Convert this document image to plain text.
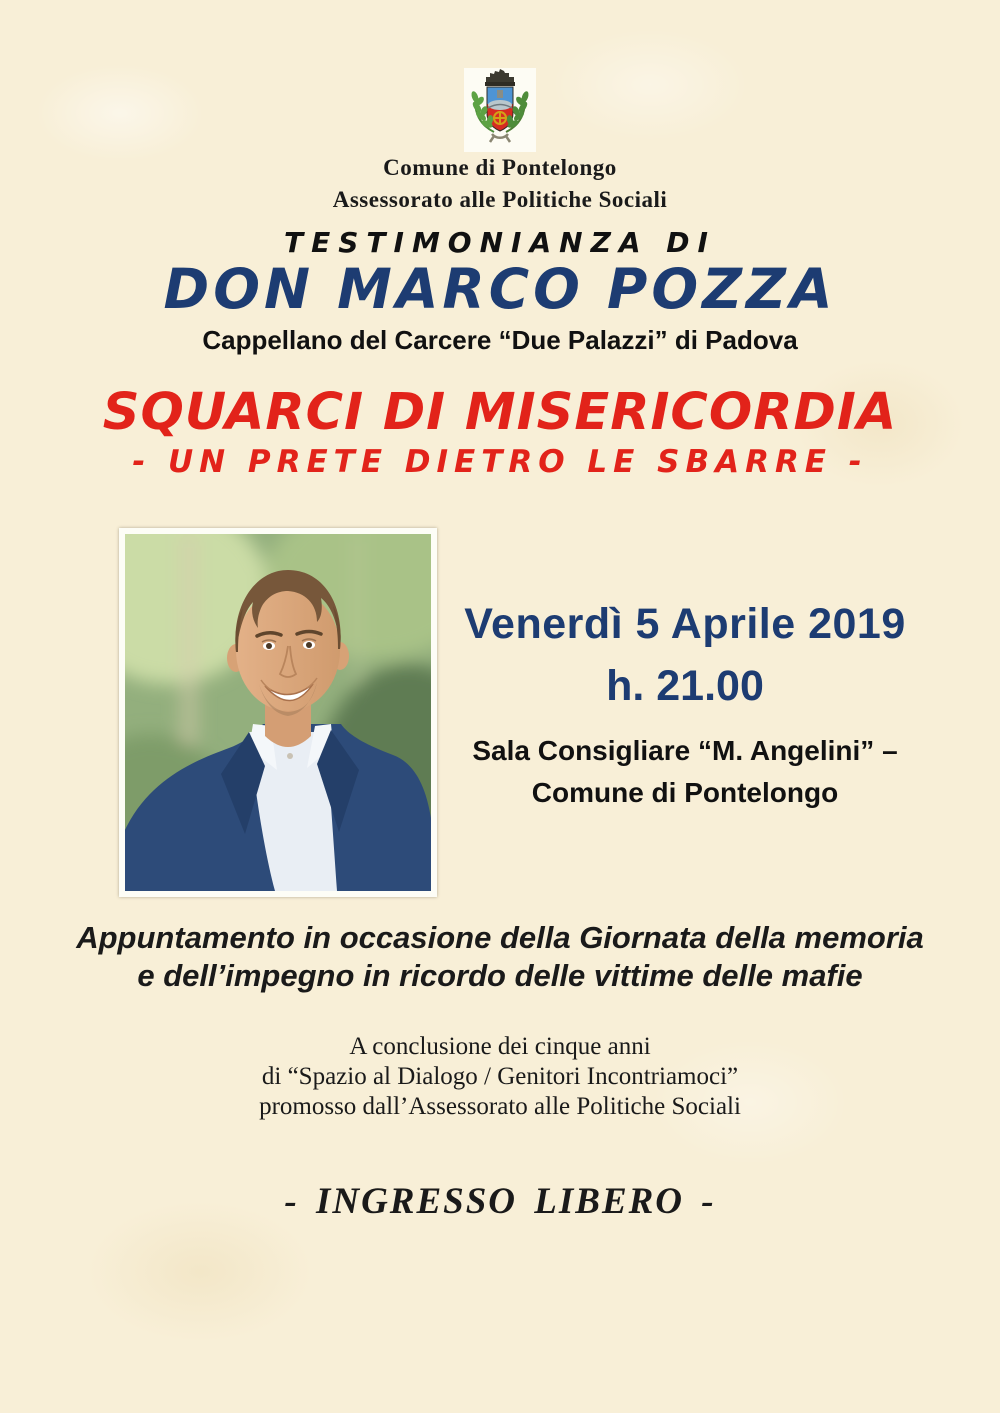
Comune di Pontelongo
Assessorato alle Politiche Sociali
TESTIMONIANZA DI
DON MARCO POZZA
Cappellano del Carcere “Due Palazzi” di Padova
SQUARCI DI MISERICORDIA
- UN PRETE DIETRO LE SBARRE -
Venerdì 5 Aprile 2019
h. 21.00
Sala Consigliare “M. Angelini” –
Comune di Pontelongo
Appuntamento in occasione della Giornata della memoria
e dell’impegno in ricordo delle vittime delle mafie
A conclusione dei cinque anni
di “Spazio al Dialogo / Genitori Incontriamoci”
promosso dall’Assessorato alle Politiche Sociali
- INGRESSO LIBERO -
